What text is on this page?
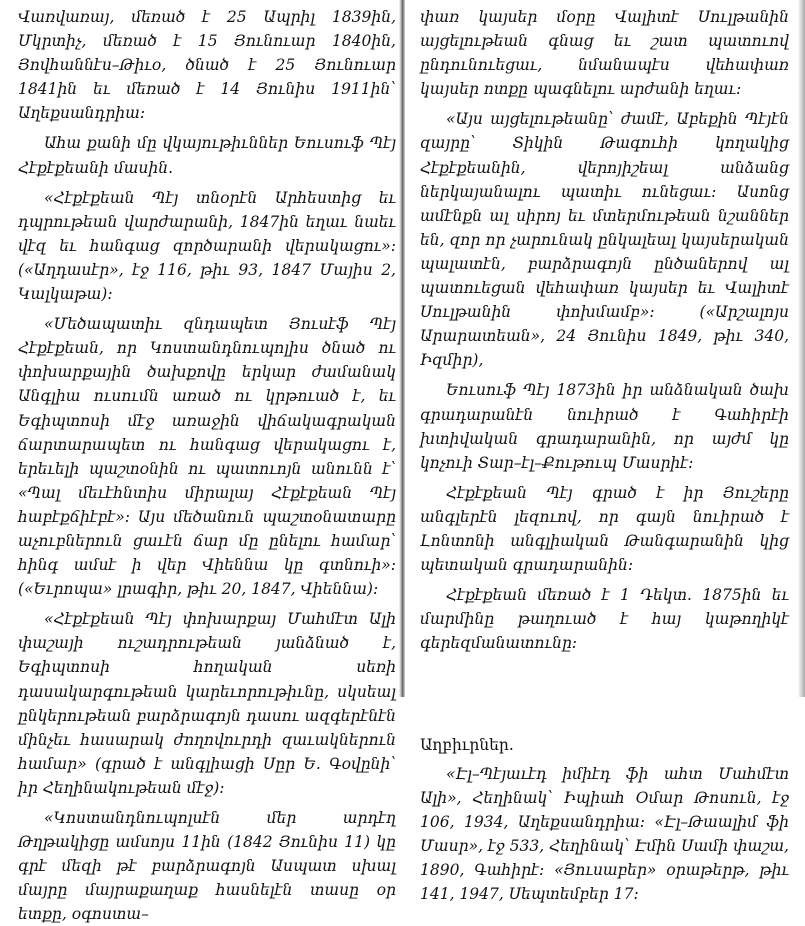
Վառվառայ, մեռած է 25 Ապրիլ 1839ին, Մկրտիչ, մեռած է 15 Յունուար 1840ին, Յովհաննէս–Թիւօ, ծնած է 25 Յունուար 1841ին եւ մեռած է 14 Յունիս 1911ին՝ Աղեքսանդրիա:

Ահա քանի մը վկայութիւններ Եուսուֆ Պէյ Հէքէքեանի մասին.

«Հէքէքեան Պէյ տնօրէն Արհեստից եւ դպրութեան վարժարանի, 1847ին եղաւ նաեւ վէզ եւ հանգաց զործարանի վերակացու»: («Աղդասէր», էջ 116, թիւ 93, 1847 Մայիս 2, Կալկաթա):

«Մեծապատիւ զնդապետ Յուսէֆ Պէյ Հէքէքեան, որ Կոստանդնուպոլիս ծնած ու փոխարքային ծախքովը երկար ժամանակ Անգլիա ուսումն առած ու կրթուած է, եւ Եգիպտոսի մէջ առաջին վիճակագրական ճարտարապետ ու հանգաց վերակացու է, երեւելի պաշտօնին ու պատուոյն անունն է՝ «Պալ մեւէհնտիս միրալայ Հէքէքեան Պէյ հաբէքճիէբէ»: Այս մեծանուն պաշտօնատարը աչուբներուն ցաւէն ճար մը ընելու համար՝ հինգ ամսէ ի վեր Վիեննա կը գտնուի»: («Եւրոպա» լրագիր, թիւ 20, 1847, Վիեննա):

«Հէքէքեան Պէյ փոխարքայ Մահմէտ Ալի փաշայի ուշադրութեան յանձնած է, Եգիպտոսի հողական սեռի դասակարգութեան կարեւորութիւնը, սկսեալ ընկերութեան բարձրագոյն դասու ազգերէնէն մինչեւ հասարակ ժողովուրդի զաւակներուն համար» (գրած է անգլիացի Սըր Ե. Գօվընի՝ իր Հեղինակութեան մէջ):

«Կոստանդնուպոլսէն մեր արդէղ Թղթակիցը ամսոյս 11ին (1842 Յունիս 11) կը գրէ մեզի թէ բարձրագոյն Ասպատ սխալ մայրը մայրաքաղաք հասնելէն տասը օր ետքը, օգոստա–

փառ կայսեր մօրը Վալիտէ Սուլթանին այցելութեան գնաց եւ շատ պատուով ընդունուեցաւ, նմանապէս վեհափառ կայսեր ոտքը պագնելու արժանի եղաւ:

«Այս այցելութեանը՝ ժամէ, Աբեքին Պէյէն զայրը՝ Տիկին Թագուհի կողակից Հէքէքեանին, վերոյիշեալ անձանց ներկայանալու պատիւ ունեցաւ: Ասոնց ամէնքն ալ սիրոյ եւ մտերմութեան նշաններ են, զոր որ չարունակ ընկալեալ կայսերական պալատէն, բարձրագոյն ընծաներով ալ պատուեցան վեհափառ կայսեր եւ Վալիտէ Սուլթանին փոխմամբ»: («Արշալոյս Արարատեան», 24 Յունիս 1849, թիւ 340, Իզմիր),

Եուսուֆ Պէյ 1873ին իր անձնական ծախ գրադարանէն նուիրած է Գահիրէի խտիվական գրադարանին, որ այժմ կը կոչուի Տար–էլ–Քութուպ Մասրիէ:

Հէքէքեան Պէյ գրած է իր Յուշերը անգլերէն լեզուով, որ գայն նուիրած է Լոնտոնի անգլիական Թանգարանին կից պետական գրադարանին:

Հէքէքեան մեռած է 1 Դեկտ. 1875ին եւ մարմինը թաղուած է հայ կաթողիկէ գերեզմանատունը:

Աղբիւրներ.

«Էլ–Պէյաւէդ իմիէդ ֆի ահտ Մահմէտ Ալի», Հեղինակ՝ Իպիահ Օմար Թոսուն, էջ 106, 1934, Աղեքսանդրիա: «Էլ–Թաալիմ ֆի Մասր», էջ 533, Հեղինակ՝ Էմին Սամի փաշա, 1890, Գահիրէ: «Յուսաբեր» օրաթերթ, թիւ 141, 1947, Սեպտեմբեր 17:
